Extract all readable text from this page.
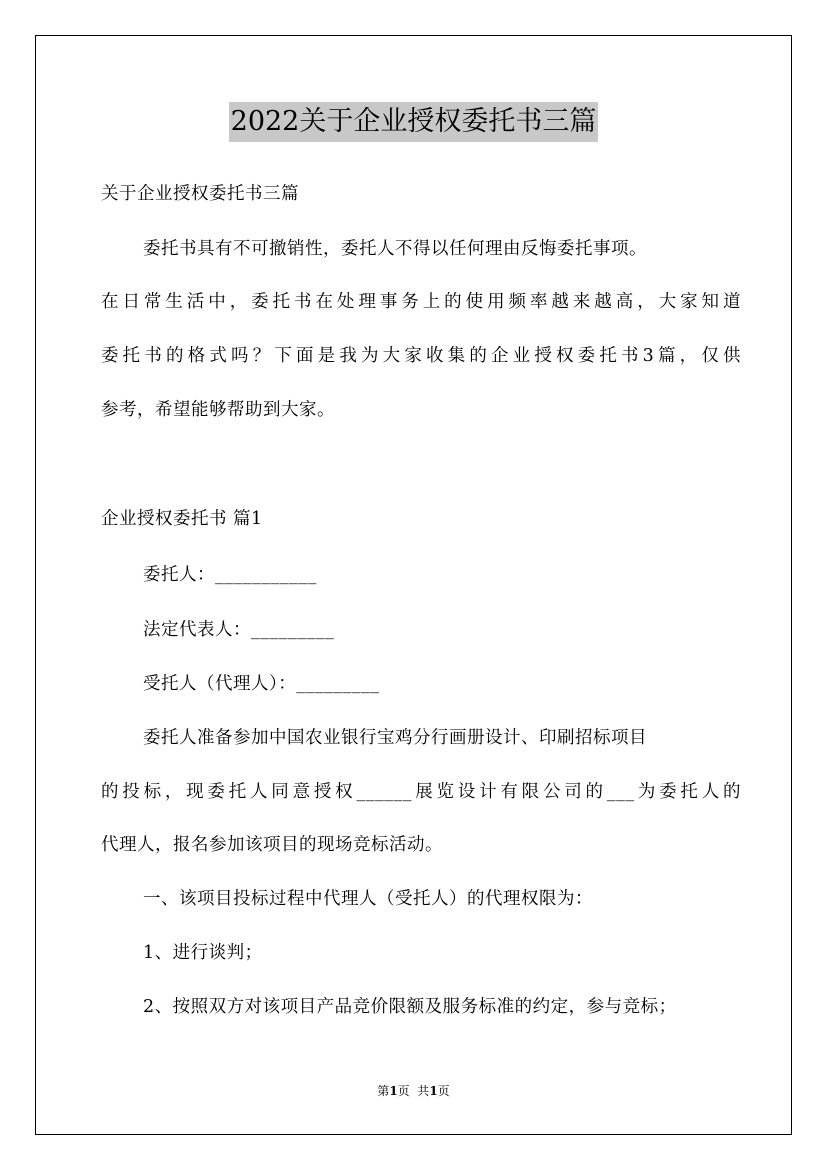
2022关于企业授权委托书三篇
关于企业授权委托书三篇
委托书具有不可撤销性，委托人不得以任何理由反悔委托事项。
在日常生活中，委托书在处理事务上的使用频率越来越高，大家知道
委托书的格式吗？下面是我为大家收集的企业授权委托书3篇，仅供
参考，希望能够帮助到大家。
企业授权委托书 篇1
委托人：___________
法定代表人：_________
受托人（代理人）：_________
委托人准备参加中国农业银行宝鸡分行画册设计、印刷招标项目
的投标，现委托人同意授权______展览设计有限公司的___为委托人的
代理人，报名参加该项目的现场竞标活动。
一、该项目投标过程中代理人（受托人）的代理权限为：
1、进行谈判；
2、按照双方对该项目产品竞价限额及服务标准的约定，参与竞标；
第1页  共1页
